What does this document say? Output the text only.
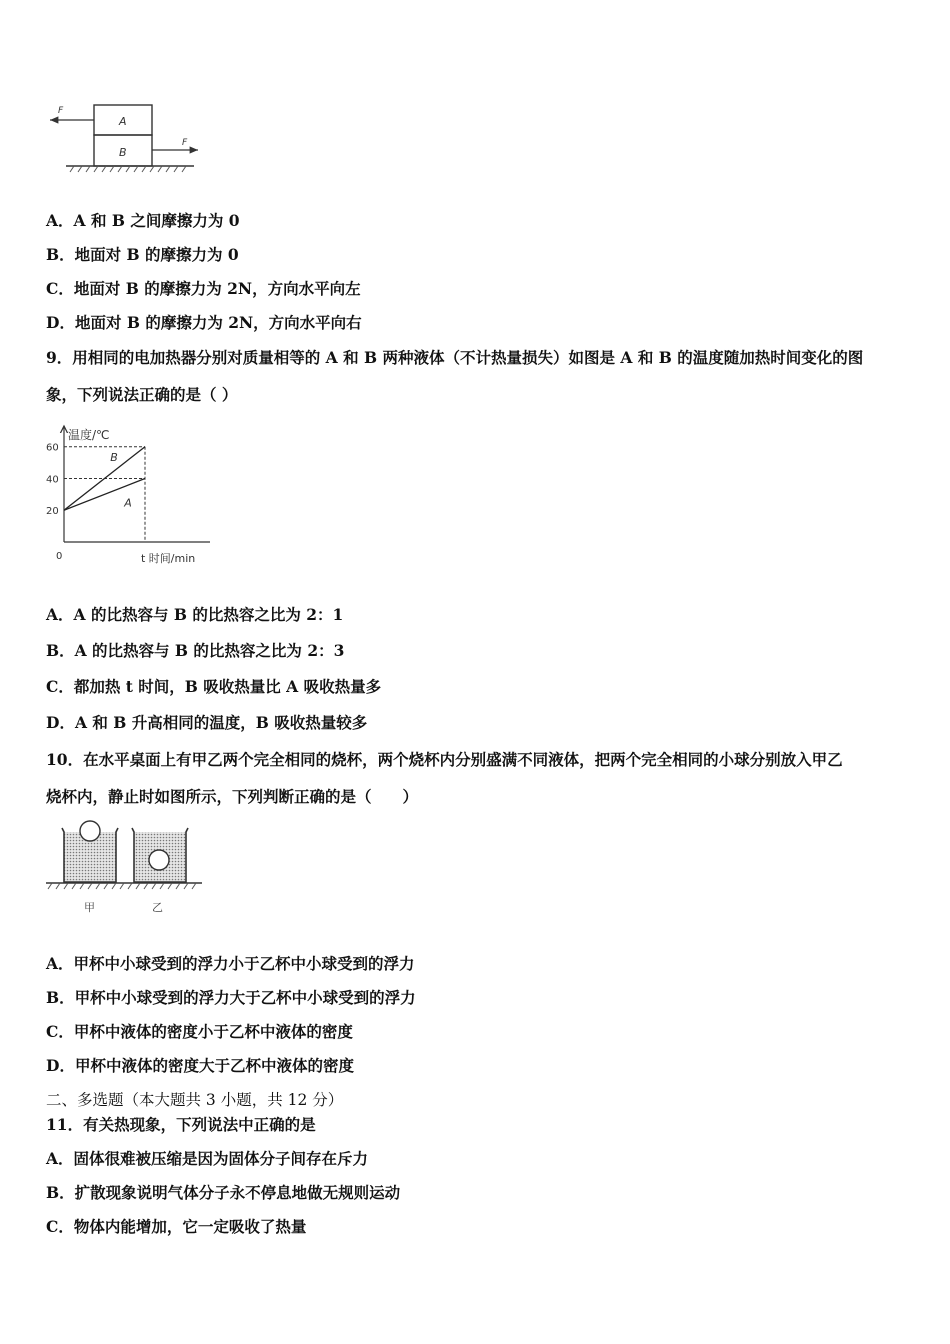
A
B
F
F
A．A 和 B 之间摩擦力为 0
B．地面对 B 的摩擦力为 0
C．地面对 B 的摩擦力为 2N，方向水平向左
D．地面对 B 的摩擦力为 2N，方向水平向右
9．用相同的电加热器分别对质量相等的 A 和 B 两种液体（不计热量损失）如图是 A 和 B 的温度随加热时间变化的图
象，下列说法正确的是（ ）
温度/℃
t 时间/min
0
20
40
60
A
B
A．A 的比热容与 B 的比热容之比为 2：1
B．A 的比热容与 B 的比热容之比为 2：3
C．都加热 t 时间，B 吸收热量比 A 吸收热量多
D．A 和 B 升高相同的温度，B 吸收热量较多
10．在水平桌面上有甲乙两个完全相同的烧杯，两个烧杯内分别盛满不同液体，把两个完全相同的小球分别放入甲乙
烧杯内，静止时如图所示，下列判断正确的是（　　）
甲	乙
A．甲杯中小球受到的浮力小于乙杯中小球受到的浮力
B．甲杯中小球受到的浮力大于乙杯中小球受到的浮力
C．甲杯中液体的密度小于乙杯中液体的密度
D．甲杯中液体的密度大于乙杯中液体的密度
二、多选题（本大题共 3 小题，共 12 分）
11．有关热现象，下列说法中正确的是
A．固体很难被压缩是因为固体分子间存在斥力
B．扩散现象说明气体分子永不停息地做无规则运动
C．物体内能增加，它一定吸收了热量
